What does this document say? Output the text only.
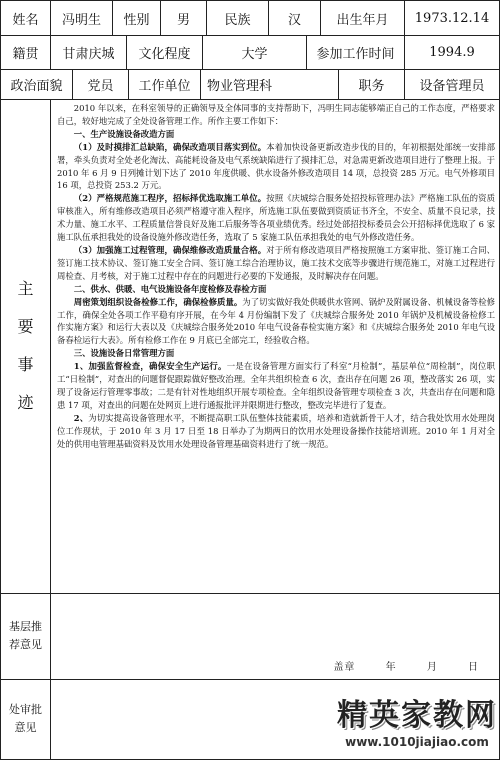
姓名	冯明生	性别	男	民族	汉	出生年月	1973.12.14
籍贯	甘肃庆城	文化程度	大学	参加工作时间	1994.9
政治面貌	党员	工作单位	物业管理科	职务	设备管理员
主
要
事
迹

2010 年以来，在科室领导的正确领导及全体同事的支持帮助下，冯明生同志能够端正自己的工作态度，严格要求自己，较好地完成了全处设备管理工作。所作主要工作如下：

一、生产设施设备改造方面

（1）及时摸排汇总缺陷，确保改造项目落实到位。本着加快设备更新改造步伐的目的，年初根据处部统一安排部署，牵头负责对全处老化淘汰、高能耗设备及电气系统缺陷进行了摸排汇总，对急需更新改造项目进行了整理上报。于 2010 年 6 月 9 日列摊计划下达了 2010 年度供暖、供水设备外修改造项目 14 项，总投资 285 万元。电气外修项目 16 项，总投资 253.2 万元。

（2）严格规范施工程序，招标择优选取施工单位。按照《庆城综合服务处招投标管理办法》严格施工队伍的资质审核准入，所有维修改造项目必须严格遵守准入程序，所选施工队伍要做到资质证书齐全，不安全、质量不良记录，技术力量、施工水平、工程质量信誉良好及施工后服务等各项业绩优秀。经过处部招投标委员会公开招标择优选取了 6 家施工队伍承担我处的设备设施外修改造任务，选取了 5 家施工队伍承担我处的电气外修改造任务。

（3）加强施工过程管理，确保维修改造质量合格。对于所有修改造项目严格按照施工方案审批、签订施工合同、签订施工技术协议、签订施工安全合同、签订施工综合治理协议，施工技术交底等步骤进行规范施工，对施工过程进行周检查、月考核，对于施工过程中存在的问题进行必要的下发通报，及时解决存在问题。

二、供水、供暖、电气设施设备年度检修及春检方面

周密策划组织设备检修工作，确保检修质量。为了切实做好我处供暖供水管网、锅炉及附属设备、机械设备等检修工作，确保全处各项工作平稳有序开展，在今年 4 月份编制下发了《庆城综合服务处 2010 年锅炉及机械设备检修工作实施方案》和运行大表以及《庆城综合服务处2010 年电气设备春检实施方案》和《庆城综合服务处 2010 年电气设备春检运行大表》。所有检修工作在 9 月底已全部完工，经验收合格。

三、设施设备日常管理方面

1、加强监督检查，确保安全生产运行。一是在设备管理方面实行了科室“月检制”，基层单位“周检制”，岗位职工“日检制”，对查出的问题督促跟踪做好整改治理。全年共组织检查 6 次，查出存在问题 26 项，整改落实 26 项，实现了设备运行管理零事故；二是有针对性地组织开展专项检查。全年组织设备管理专项检查 3 次，共查出存在问题和隐患 17 项，对查出的问题在处网页上进行通报批评并限期进行整改，整改完毕进行了复查。

2、为切实提高设备管理水平，不断提高职工队伍整体技能素质，培养和造就新骨干人才，结合我处饮用水处理岗位工作现状，于 2010 年 3 月 17 日至 18 日举办了为期两日的饮用水处理设备操作技能培训班。2010 年 1 月对全处的供用电管理基础资料及饮用水处理设备管理基础资料进行了统一规范。

基层推
荐意见
盖章	年	月	日
处审批
意见	精英家教网
www.1010jiajiao.com
